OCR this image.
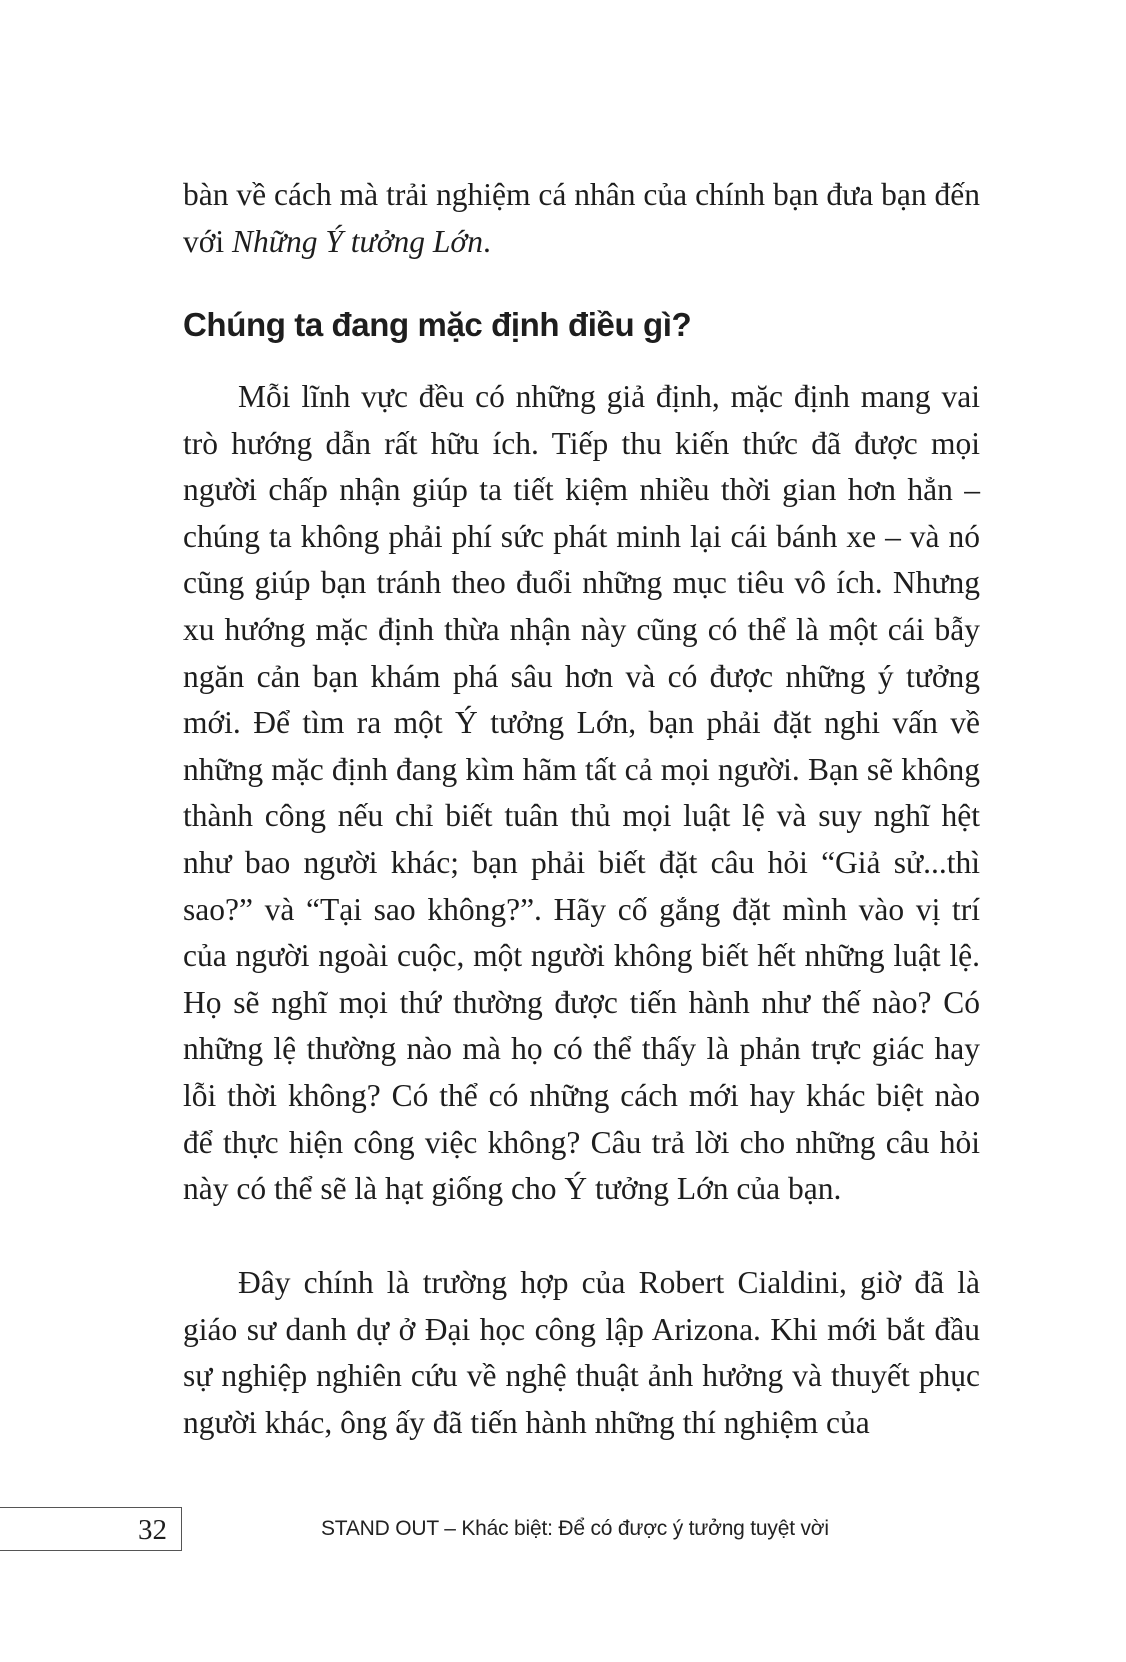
bàn về cách mà trải nghiệm cá nhân của chính bạn đưa bạn đến với Những Ý tưởng Lớn.

Chúng ta đang mặc định điều gì?

Mỗi lĩnh vực đều có những giả định, mặc định mang vai trò hướng dẫn rất hữu ích. Tiếp thu kiến thức đã được mọi người chấp nhận giúp ta tiết kiệm nhiều thời gian hơn hẳn – chúng ta không phải phí sức phát minh lại cái bánh xe – và nó cũng giúp bạn tránh theo đuổi những mục tiêu vô ích. Nhưng xu hướng mặc định thừa nhận này cũng có thể là một cái bẫy ngăn cản bạn khám phá sâu hơn và có được những ý tưởng mới. Để tìm ra một Ý tưởng Lớn, bạn phải đặt nghi vấn về những mặc định đang kìm hãm tất cả mọi người. Bạn sẽ không thành công nếu chỉ biết tuân thủ mọi luật lệ và suy nghĩ hệt như bao người khác; bạn phải biết đặt câu hỏi “Giả sử...thì sao?” và “Tại sao không?”. Hãy cố gắng đặt mình vào vị trí của người ngoài cuộc, một người không biết hết những luật lệ. Họ sẽ nghĩ mọi thứ thường được tiến hành như thế nào? Có những lệ thường nào mà họ có thể thấy là phản trực giác hay lỗi thời không? Có thể có những cách mới hay khác biệt nào để thực hiện công việc không? Câu trả lời cho những câu hỏi này có thể sẽ là hạt giống cho Ý tưởng Lớn của bạn.

Đây chính là trường hợp của Robert Cialdini, giờ đã là giáo sư danh dự ở Đại học công lập Arizona. Khi mới bắt đầu sự nghiệp nghiên cứu về nghệ thuật ảnh hưởng và thuyết phục người khác, ông ấy đã tiến hành những thí nghiệm của

32	STAND OUT – Khác biệt: Để có được ý tưởng tuyệt vời
